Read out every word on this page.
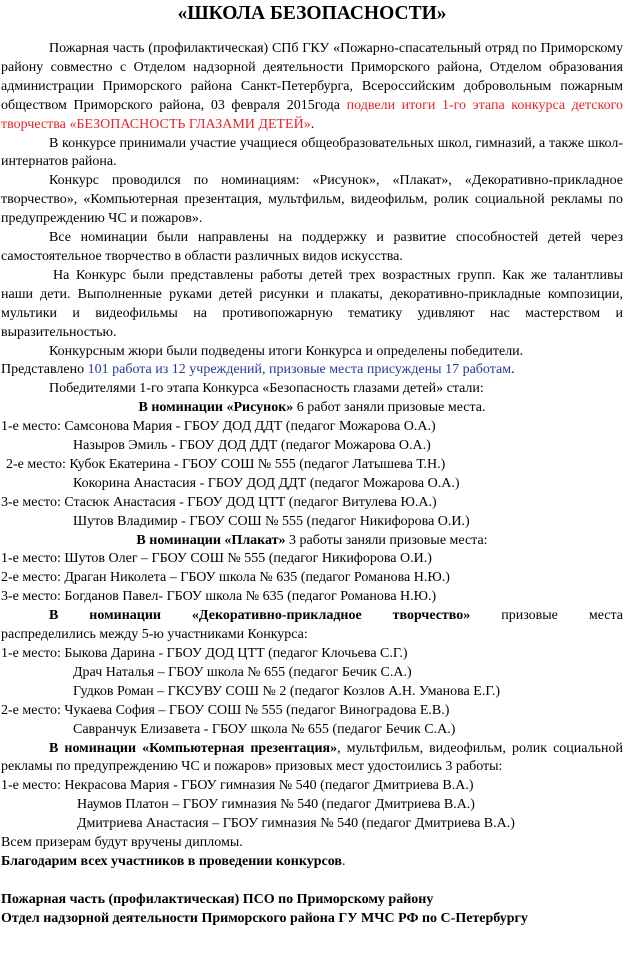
«ШКОЛА БЕЗОПАСНОСТИ»

Пожарная часть (профилактическая) СПб ГКУ «Пожарно-спасательный отряд по Приморскому району совместно с Отделом надзорной деятельности Приморского района, Отделом образования администрации Приморского района Санкт-Петербурга, Всероссийским добровольным пожарным обществом Приморского района, 03 февраля 2015года подвели итоги 1-го этапа конкурса детского творчества «БЕЗОПАСНОСТЬ ГЛАЗАМИ ДЕТЕЙ».

В конкурсе принимали участие учащиеся общеобразовательных школ, гимназий, а также школ-интернатов района.

Конкурс проводился по номинациям: «Рисунок», «Плакат», «Декоративно-прикладное творчество», «Компьютерная презентация, мультфильм, видеофильм, ролик социальной рекламы по предупреждению ЧС и пожаров».

Все номинации были направлены на поддержку и развитие способностей детей через самостоятельное творчество в области различных видов искусства.

На Конкурс были представлены работы детей трех возрастных групп. Как же талантливы наши дети. Выполненные руками детей рисунки и плакаты, декоративно-прикладные композиции, мультики и видеофильмы на противопожарную тематику удивляют нас мастерством и выразительностью.

Конкурсным жюри были подведены итоги Конкурса и определены победители.

Представлено 101 работа из 12 учреждений, призовые места присуждены 17 работам.
Победителями 1-го этапа Конкурса «Безопасность глазами детей» стали:
В номинации «Рисунок» 6 работ заняли призовые места.
1-е место: Самсонова Мария - ГБОУ ДОД ДДТ (педагог Можарова О.А.)
Назыров Эмиль - ГБОУ ДОД ДДТ (педагог Можарова О.А.)
2-е место: Кубок Екатерина - ГБОУ СОШ № 555 (педагог Латышева Т.Н.)
Кокорина Анастасия - ГБОУ ДОД ДДТ (педагог Можарова О.А.)
3-е место: Стасюк Анастасия - ГБОУ ДОД ЦТТ (педагог Витулева Ю.А.)
Шутов Владимир - ГБОУ СОШ № 555 (педагог Никифорова О.И.)
В номинации «Плакат» 3 работы заняли призовые места:
1-е место: Шутов Олег – ГБОУ СОШ № 555 (педагог Никифорова О.И.)
2-е место: Драган Николета – ГБОУ школа № 635 (педагог Романова Н.Ю.)
3-е место: Богданов Павел- ГБОУ школа № 635 (педагог Романова Н.Ю.)

В номинации «Декоративно-прикладное творчество» призовые места

распределились между 5-ю участниками Конкурса:
1-е место: Быкова Дарина - ГБОУ ДОД ЦТТ (педагог Клочьева С.Г.)
Драч Наталья – ГБОУ школа № 655 (педагог Бечик С.А.)
Гудков Роман – ГКСУВУ СОШ № 2 (педагог Козлов А.Н. Уманова Е.Г.)
2-е место: Чукаева София – ГБОУ СОШ № 555 (педагог Виноградова Е.В.)
Савранчук Елизавета - ГБОУ школа № 655 (педагог Бечик С.А.)

В номинации «Компьютерная презентация», мультфильм, видеофильм, ролик социальной рекламы по предупреждению ЧС и пожаров» призовых мест удостоились 3 работы:

1-е место: Некрасова Мария - ГБОУ гимназия № 540 (педагог Дмитриева В.А.)
Наумов Платон – ГБОУ гимназия № 540 (педагог Дмитриева В.А.)
Дмитриева Анастасия – ГБОУ гимназия № 540 (педагог Дмитриева В.А.)
Всем призерам будут вручены дипломы.
Благодарим всех участников в проведении конкурсов.
Пожарная часть (профилактическая) ПСО по Приморскому району
Отдел надзорной деятельности Приморского района ГУ МЧС РФ по С-Петербургу
